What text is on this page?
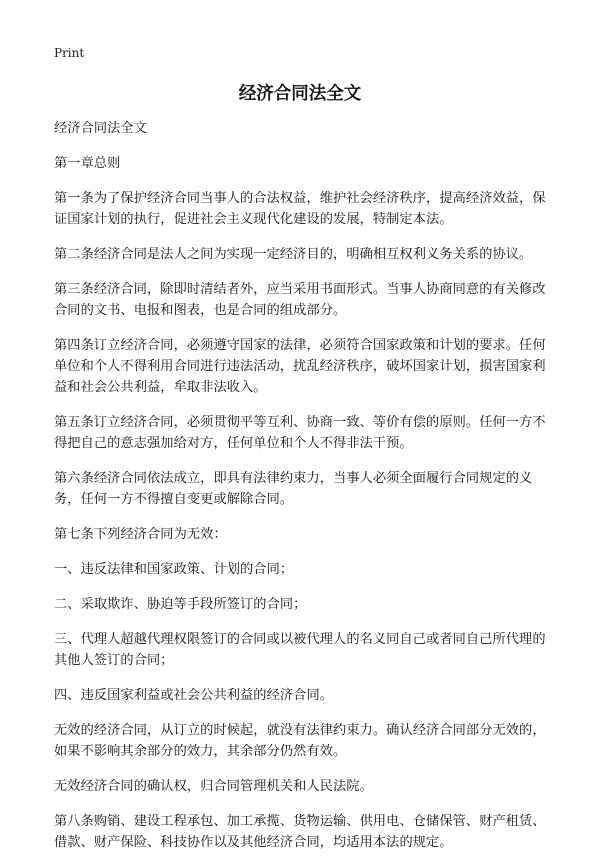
Print
经济合同法全文

经济合同法全文

第一章总则

第一条为了保护经济合同当事人的合法权益，维护社会经济秩序，提高经济效益，保证国家计划的执行，促进社会主义现代化建设的发展，特制定本法。

第二条经济合同是法人之间为实现一定经济目的，明确相互权利义务关系的协议。

第三条经济合同，除即时清结者外，应当采用书面形式。当事人协商同意的有关修改合同的文书、电报和图表，也是合同的组成部分。

第四条订立经济合同，必须遵守国家的法律，必须符合国家政策和计划的要求。任何单位和个人不得利用合同进行违法活动，扰乱经济秩序，破坏国家计划，损害国家利益和社会公共利益，牟取非法收入。

第五条订立经济合同，必须贯彻平等互利、协商一致、等价有偿的原则。任何一方不得把自己的意志强加给对方，任何单位和个人不得非法干预。

第六条经济合同依法成立，即具有法律约束力，当事人必须全面履行合同规定的义务，任何一方不得擅自变更或解除合同。

第七条下列经济合同为无效：

一、违反法律和国家政策、计划的合同；

二、采取欺诈、胁迫等手段所签订的合同；

三、代理人超越代理权限签订的合同或以被代理人的名义同自己或者同自己所代理的其他人签订的合同；

四、违反国家利益或社会公共利益的经济合同。

无效的经济合同，从订立的时候起，就没有法律约束力。确认经济合同部分无效的，如果不影响其余部分的效力，其余部分仍然有效。

无效经济合同的确认权，归合同管理机关和人民法院。

第八条购销、建设工程承包、加工承揽、货物运输、供用电、仓储保管、财产租赁、借款、财产保险、科技协作以及其他经济合同，均适用本法的规定。
